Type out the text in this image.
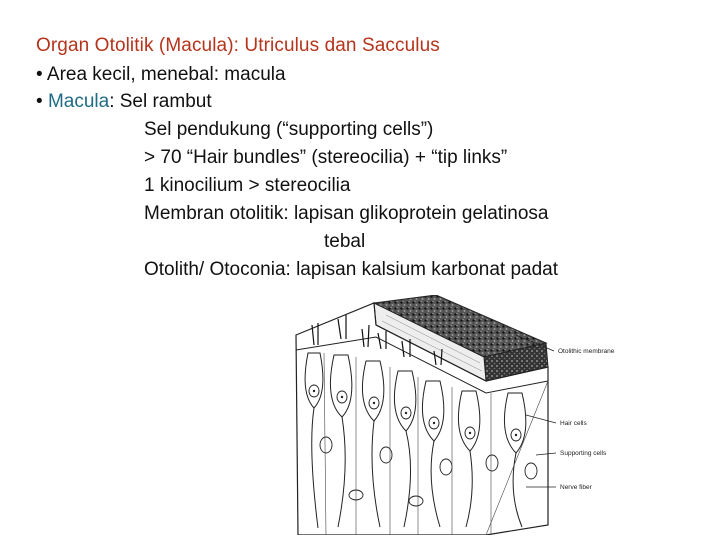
Organ Otolitik (Macula): Utriculus dan Sacculus
• Area kecil, menebal: macula
• Macula: Sel rambut
Sel pendukung (“supporting cells”)
> 70 “Hair bundles” (stereocilia) + “tip links”
1 kinocilium > stereocilia
Membran otolitik: lapisan glikoprotein gelatinosa
tebal
Otolith/ Otoconia: lapisan kalsium karbonat padat
Otolithic membrane
Hair cells
Supporting cells
Nerve fiber
